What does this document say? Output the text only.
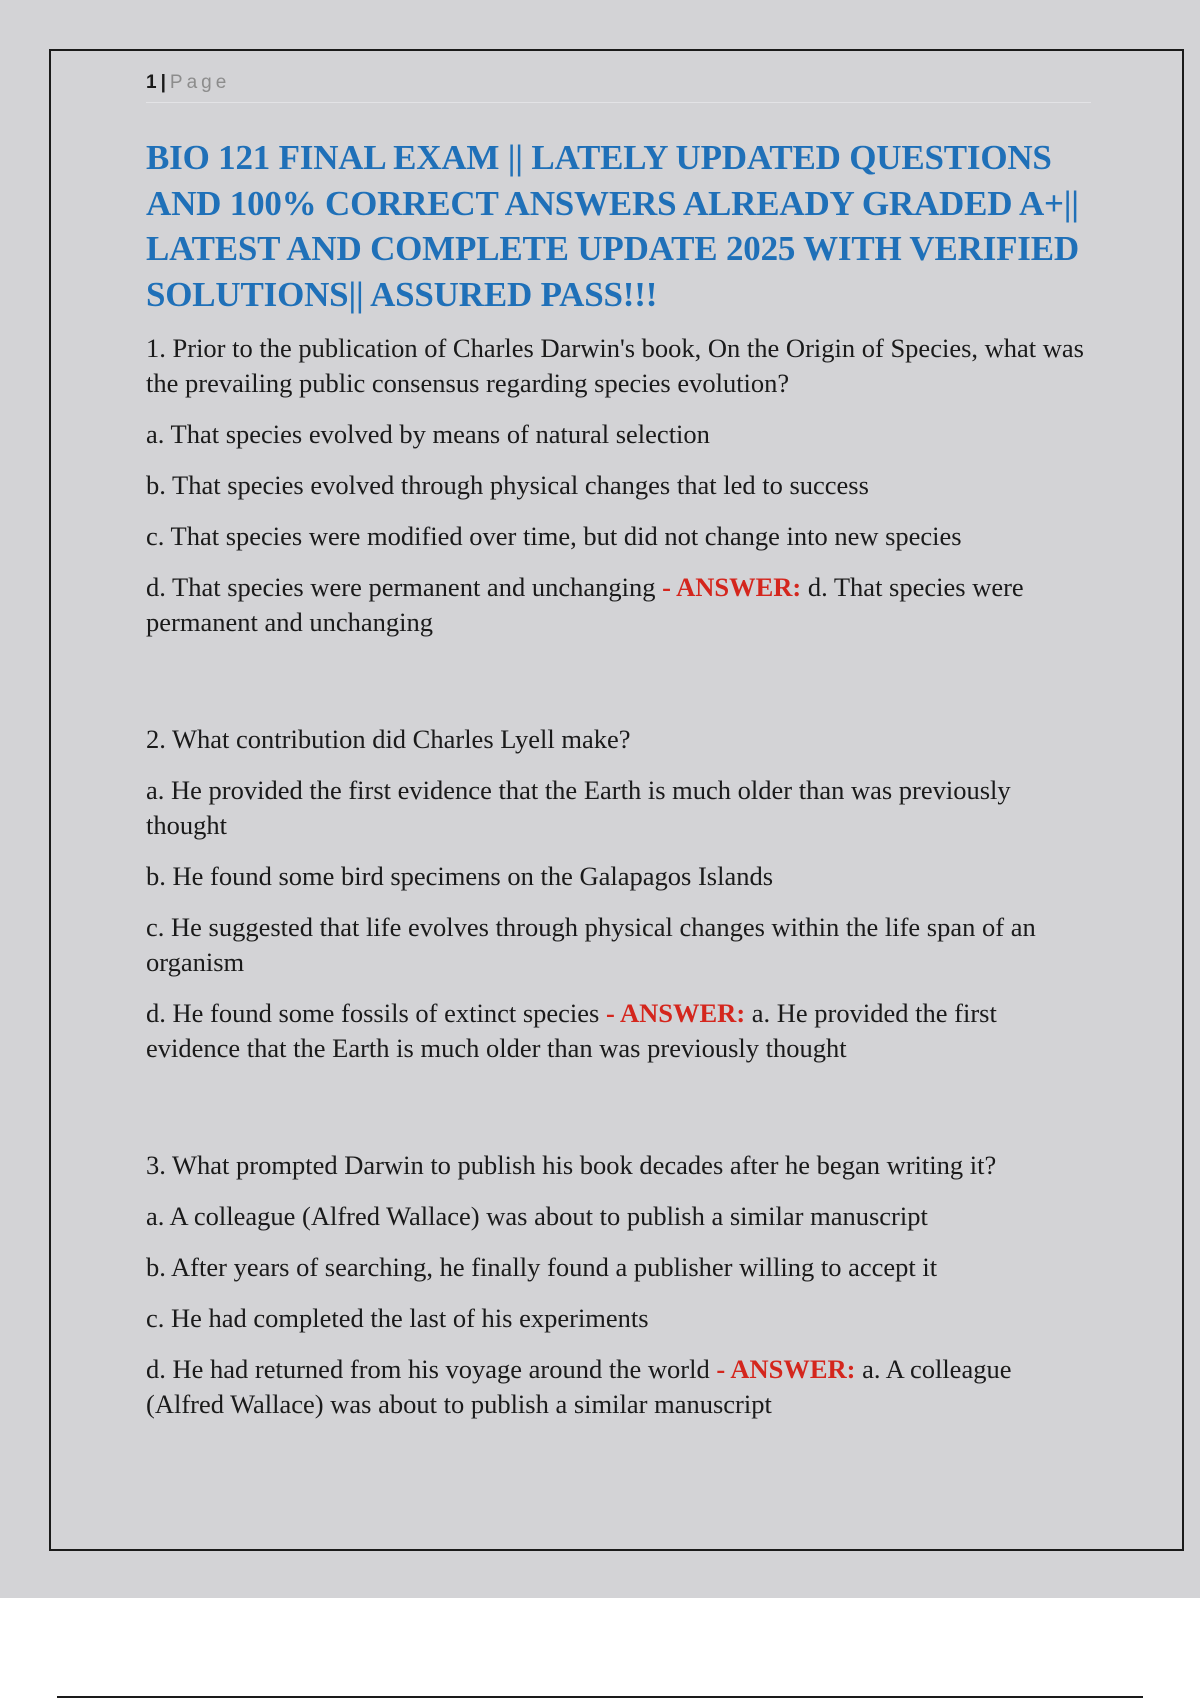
1 | Page
BIO 121 FINAL EXAM || LATELY UPDATED QUESTIONS AND 100% CORRECT ANSWERS ALREADY GRADED A+|| LATEST AND COMPLETE UPDATE 2025 WITH VERIFIED SOLUTIONS|| ASSURED PASS!!!

1. Prior to the publication of Charles Darwin's book, On the Origin of Species, what was the prevailing public consensus regarding species evolution?

a. That species evolved by means of natural selection

b. That species evolved through physical changes that led to success

c. That species were modified over time, but did not change into new species

d. That species were permanent and unchanging - ANSWER: d. That species were permanent and unchanging

2. What contribution did Charles Lyell make?

a. He provided the first evidence that the Earth is much older than was previously thought

b. He found some bird specimens on the Galapagos Islands

c. He suggested that life evolves through physical changes within the life span of an organism

d. He found some fossils of extinct species - ANSWER: a. He provided the first evidence that the Earth is much older than was previously thought

3. What prompted Darwin to publish his book decades after he began writing it?

a. A colleague (Alfred Wallace) was about to publish a similar manuscript

b. After years of searching, he finally found a publisher willing to accept it

c. He had completed the last of his experiments

d. He had returned from his voyage around the world - ANSWER: a. A colleague (Alfred Wallace) was about to publish a similar manuscript
